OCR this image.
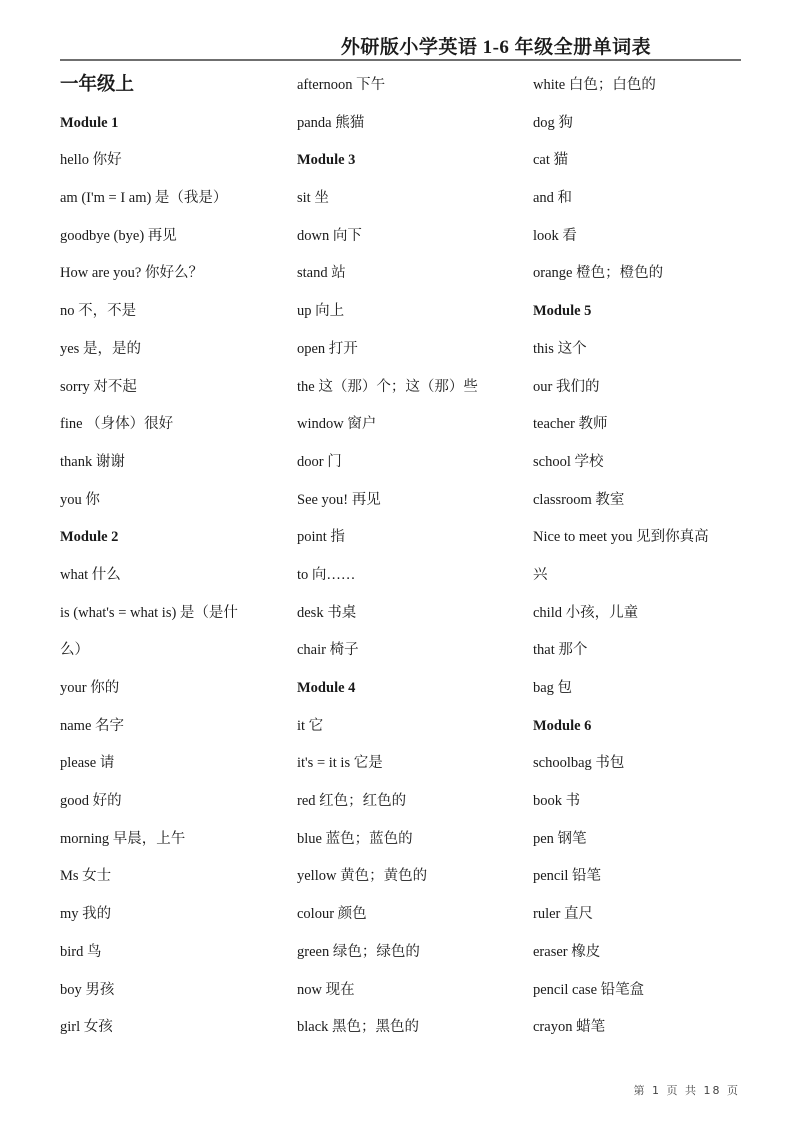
外研版小学英语 1-6 年级全册单词表
一年级上
Module 1
hello 你好
am (I'm = I am) 是（我是）
goodbye (bye) 再见
How are you? 你好么？
no 不，不是
yes 是，是的
sorry 对不起
fine （身体）很好
thank 谢谢
you 你
Module 2
what 什么
is (what's = what is) 是（是什
么）
your 你的
name 名字
please 请
good 好的
morning 早晨，上午
Ms 女士
my 我的
bird 鸟
boy 男孩
girl 女孩
afternoon 下午
panda 熊猫
Module 3
sit 坐
down 向下
stand 站
up 向上
open 打开
the 这（那）个；这（那）些
window 窗户
door 门
See you! 再见
point 指
to 向……
desk 书桌
chair 椅子
Module 4
it 它
it's = it is 它是
red 红色；红色的
blue 蓝色；蓝色的
yellow 黄色；黄色的
colour 颜色
green 绿色；绿色的
now 现在
black 黑色；黑色的
white 白色；白色的
dog 狗
cat 猫
and 和
look 看
orange 橙色；橙色的
Module 5
this 这个
our 我们的
teacher 教师
school 学校
classroom 教室
Nice to meet you 见到你真高
兴
child 小孩，儿童
that 那个
bag 包
Module 6
schoolbag 书包
book 书
pen 钢笔
pencil 铅笔
ruler 直尺
eraser 橡皮
pencil case 铅笔盒
crayon 蜡笔
第 1 页 共 18 页
